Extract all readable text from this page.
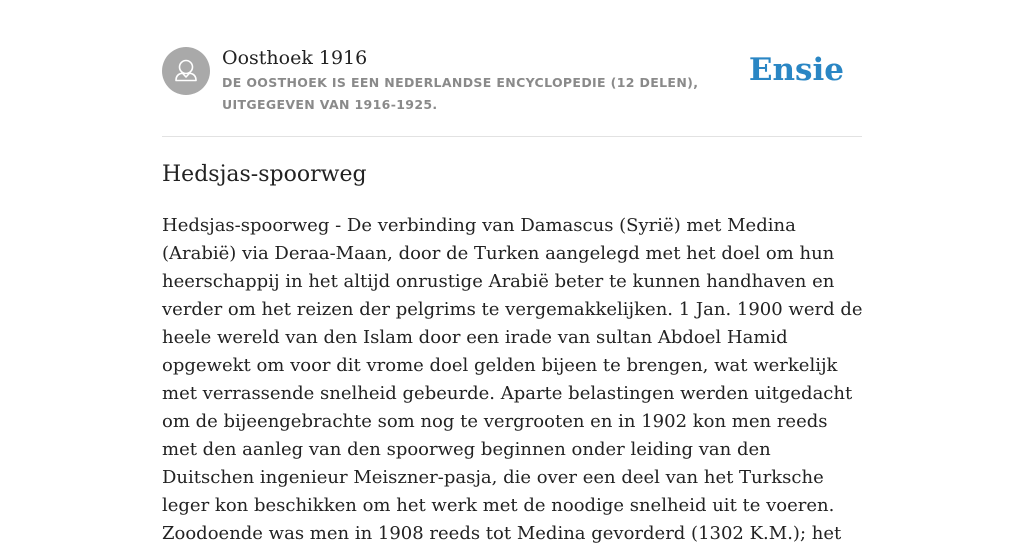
Oosthoek 1916
DE OOSTHOEK IS EEN NEDERLANDSE ENCYCLOPEDIE (12 DELEN), UITGEGEVEN VAN 1916-1925.
Ensie
Hedsjas-spoorweg

Hedsjas-spoorweg - De verbinding van Damascus (Syrië) met Medina (Arabië) via Deraa-Maan, door de Turken aangelegd met het doel om hun heerschappij in het altijd onrustige Arabië beter te kunnen handhaven en verder om het reizen der pelgrims te vergemakkelijken. 1 Jan. 1900 werd de heele wereld van den Islam door een irade van sultan Abdoel Hamid opgewekt om voor dit vrome doel gelden bijeen te brengen, wat werkelijk met verrassende snelheid gebeurde. Aparte belastingen werden uitgedacht om de bijeengebrachte som nog te vergrooten en in 1902 kon men reeds met den aanleg van den spoorweg beginnen onder leiding van den Duitschen ingenieur Meiszner-pasja, die over een deel van het Turksche leger kon beschikken om het werk met de noodige snelheid uit te voeren. Zoodoende was men in 1908 reeds tot Medina gevorderd (1302 K.M.); het
